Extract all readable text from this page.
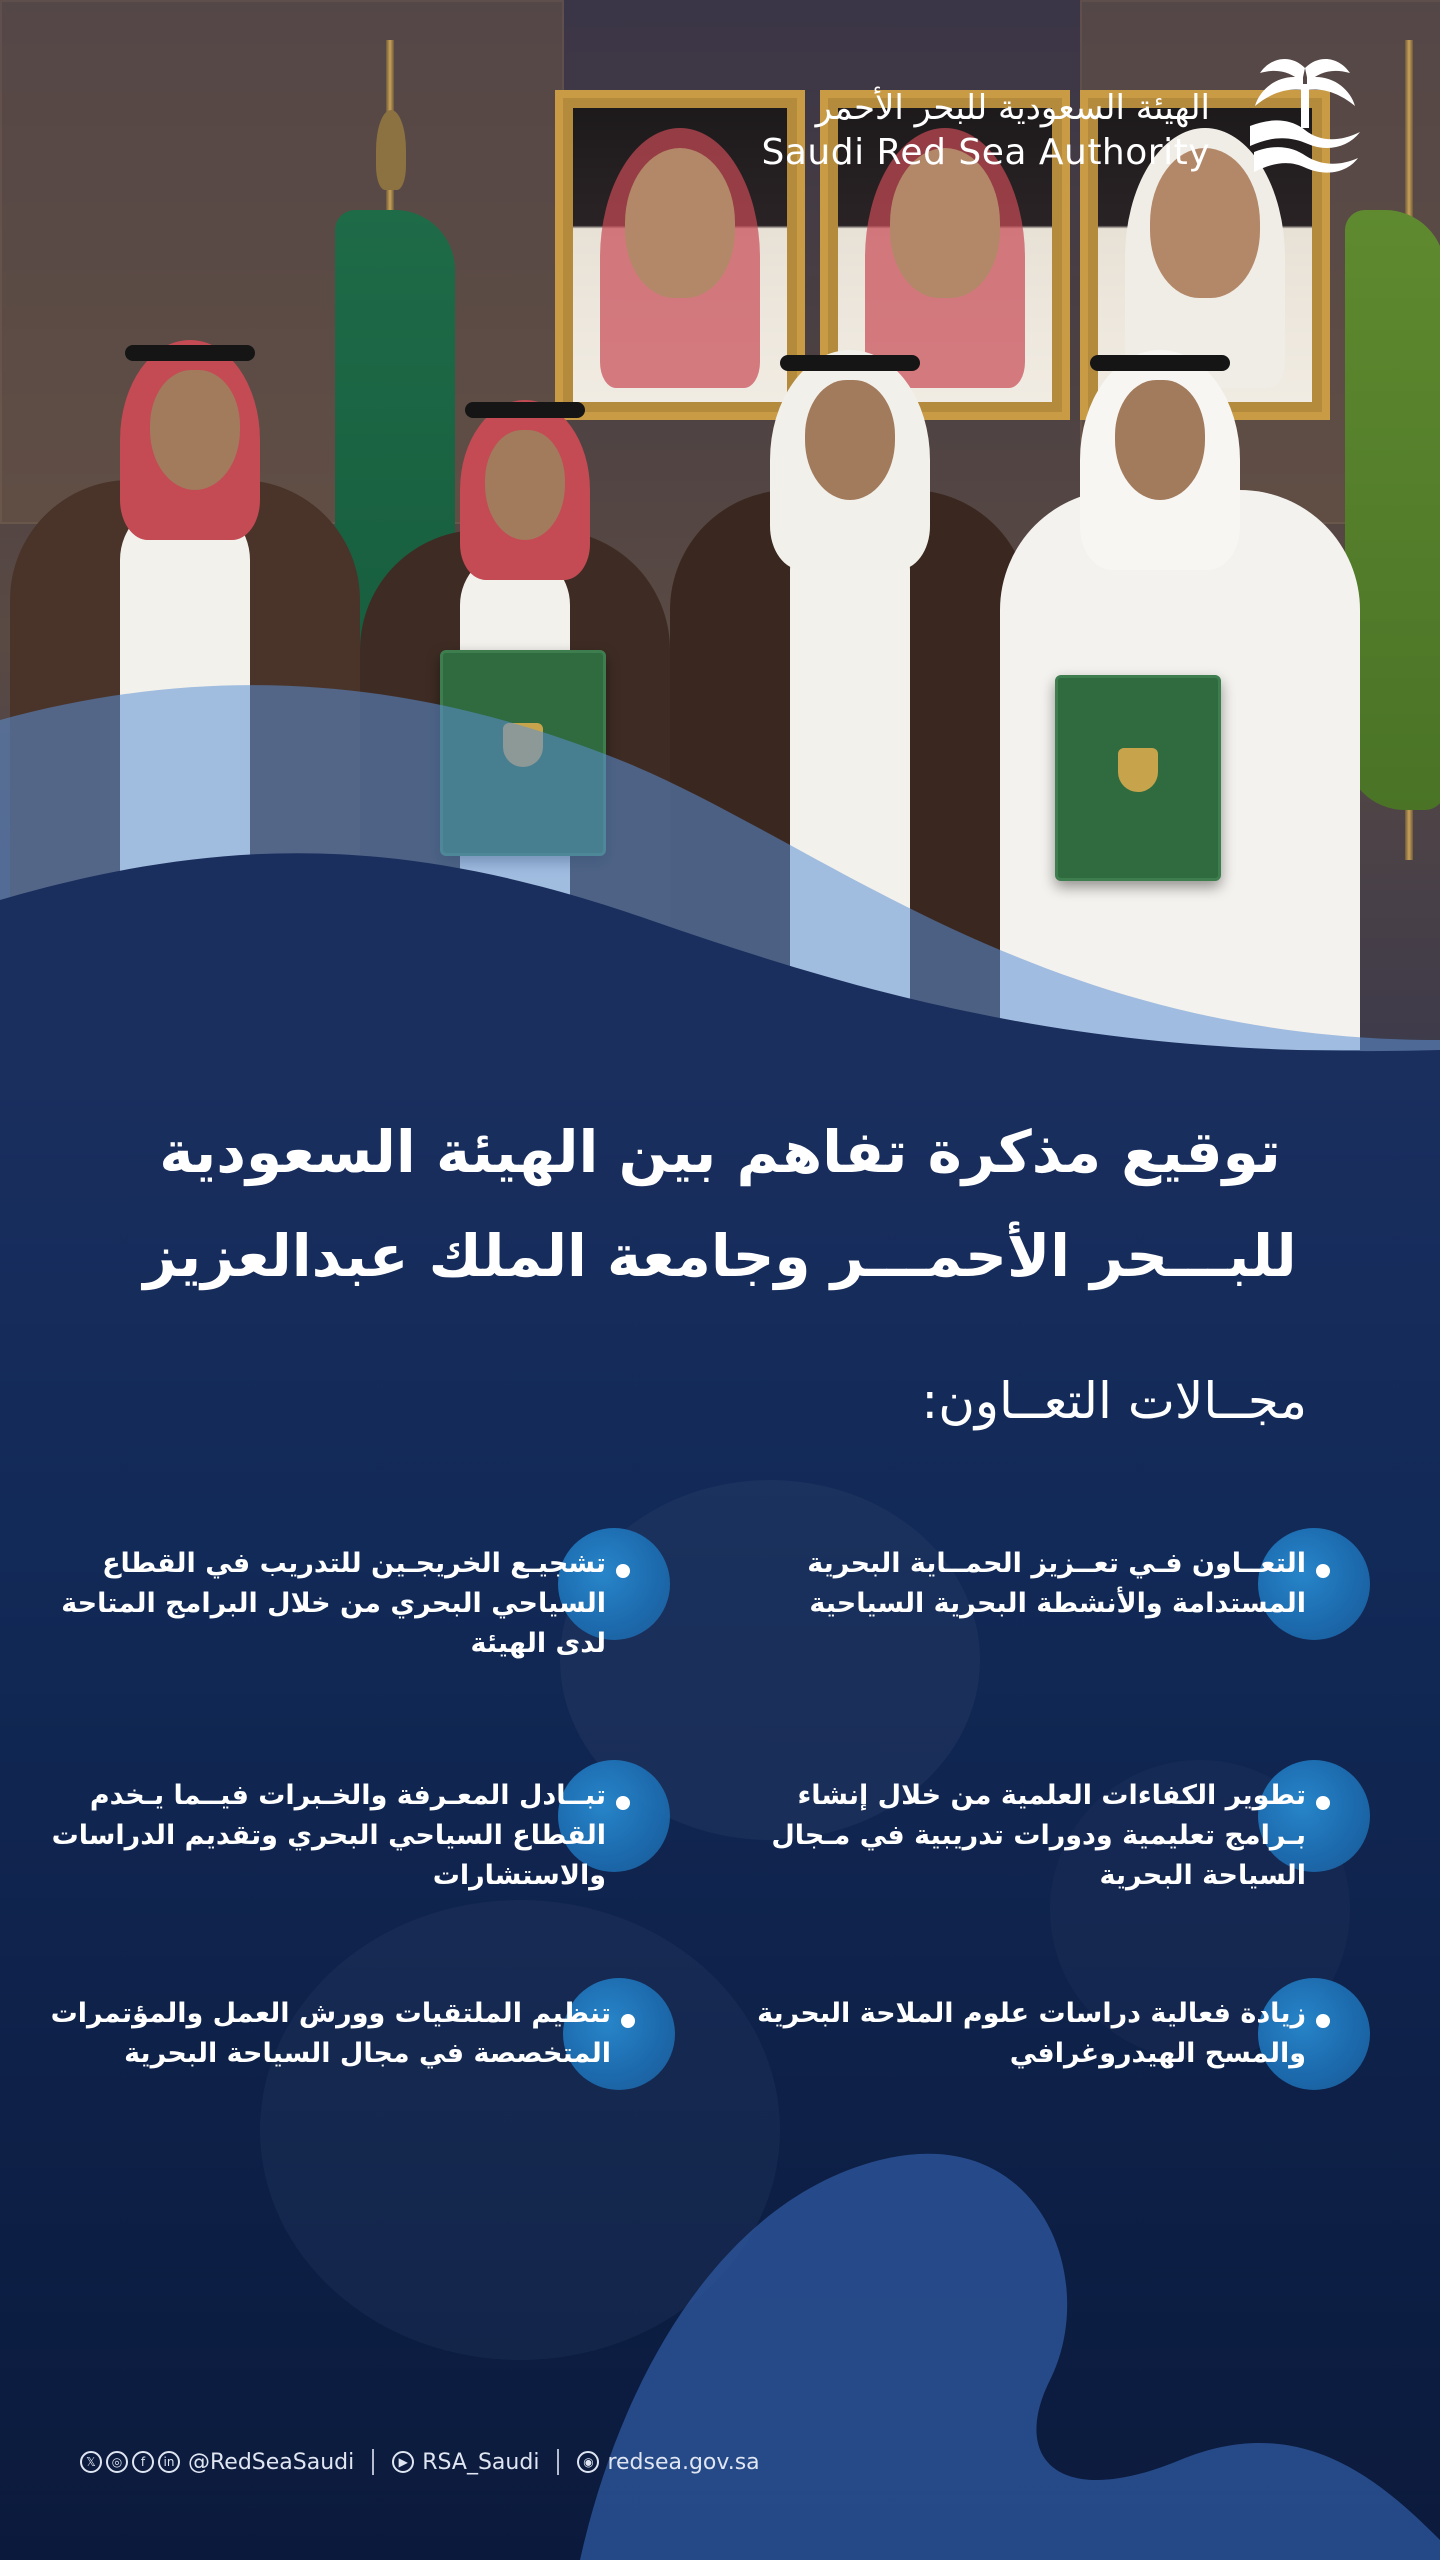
الهيئة السعودية للبحر الأحمر
Saudi Red Sea Authority
توقيع مذكرة تفاهم بين الهيئة السعودية
للبـــحر الأحمـــر وجامعة الملك عبدالعزيز
مجــالات التعــاون:
التعــاون فـي تعــزيز الحمــاية البحرية المستدامة والأنشطة البحرية السياحية
تطوير الكفاءات العلمية من خلال إنشاء بـرامج تعليمية ودورات تدريبية في مـجال السياحة البحرية
زيادة فعالية دراسات علوم الملاحة البحرية والمسح الهيدروغرافي
تشجيـع الخريجـين للتدريب في القطاع السياحي البحري من خلال البرامج المتاحة لدى الهيئة
تبــادل المعـرفة والخـبرات فيــما يـخدم القطاع السياحي البحري وتقديم الدراسات والاستشارات
تنظيم الملتقيات وورش العمل والمؤتمرات المتخصصة في مجال السياحة البحرية
𝕏	◎	f	in @RedSeaSaudi	▶ RSA_Saudi	◉ redsea.gov.sa
